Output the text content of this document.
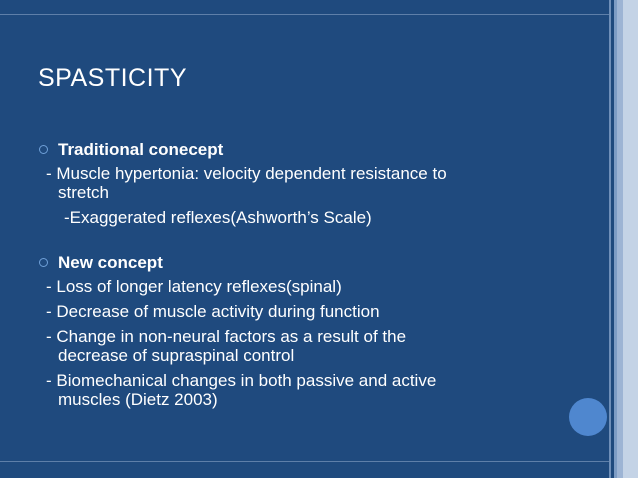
SPASTICITY
Traditional conecept
- Muscle hypertonia: velocity dependent resistance to
stretch
-Exaggerated reflexes(Ashworth’s Scale)
New concept
- Loss of longer latency reflexes(spinal)
- Decrease of muscle activity during function
- Change in non-neural factors as a result of the
decrease of supraspinal control
- Biomechanical changes in both passive and active
muscles (Dietz 2003)
